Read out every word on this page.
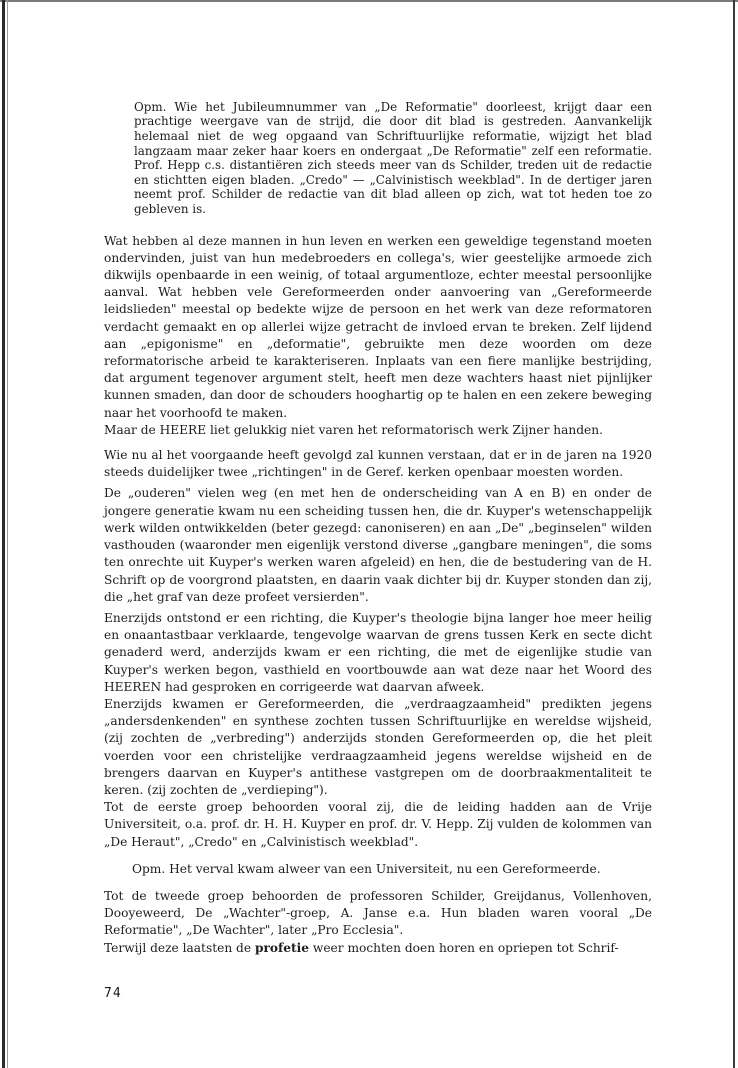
Opm. Wie het Jubileumnummer van „De Reformatie" doorleest, krijgt daar een prachtige weergave van de strijd, die door dit blad is gestreden. Aanvankelijk helemaal niet de weg opgaand van Schriftuurlijke reformatie, wijzigt het blad langzaam maar zeker haar koers en ondergaat „De Reformatie" zelf een reformatie. Prof. Hepp c.s. distantiëren zich steeds meer van ds Schilder, treden uit de redactie en stichtten eigen bladen. „Credo" — „Calvinistisch weekblad". In de dertiger jaren neemt prof. Schilder de redactie van dit blad alleen op zich, wat tot heden toe zo gebleven is.

Wat hebben al deze mannen in hun leven en werken een geweldige tegenstand moeten ondervinden, juist van hun medebroeders en collega's, wier geestelijke armoede zich dikwijls openbaarde in een weinig, of totaal argumentloze, echter meestal persoonlijke aanval. Wat hebben vele Gereformeerden onder aanvoering van „Gereformeerde leidslieden" meestal op bedekte wijze de persoon en het werk van deze reformatoren verdacht gemaakt en op allerlei wijze getracht de invloed ervan te breken. Zelf lijdend aan „epigonisme" en „deformatie", gebruikte men deze woorden om deze reformatorische arbeid te karakteriseren. Inplaats van een fiere manlijke bestrijding, dat argument tegenover argument stelt, heeft men deze wachters haast niet pijnlijker kunnen smaden, dan door de schouders hooghartig op te halen en een zekere beweging naar het voorhoofd te maken.

Maar de HEERE liet gelukkig niet varen het reformatorisch werk Zijner handen.

Wie nu al het voorgaande heeft gevolgd zal kunnen verstaan, dat er in de jaren na 1920 steeds duidelijker twee „richtingen" in de Geref. kerken openbaar moesten worden.

De „ouderen" vielen weg (en met hen de onderscheiding van A en B) en onder de jongere generatie kwam nu een scheiding tussen hen, die dr. Kuyper's wetenschappelijk werk wilden ontwikkelden (beter gezegd: canoniseren) en aan „De" „beginselen" wilden vasthouden (waaronder men eigenlijk verstond diverse „gangbare meningen", die soms ten onrechte uit Kuyper's werken waren afgeleid) en hen, die de bestudering van de H. Schrift op de voorgrond plaatsten, en daarin vaak dichter bij dr. Kuyper stonden dan zij, die „het graf van deze profeet versierden".

Enerzijds ontstond er een richting, die Kuyper's theologie bijna langer hoe meer heilig en onaantastbaar verklaarde, tengevolge waarvan de grens tussen Kerk en secte dicht genaderd werd, anderzijds kwam er een richting, die met de eigenlijke studie van Kuyper's werken begon, vasthield en voortbouwde aan wat deze naar het Woord des HEEREN had gesproken en corrigeerde wat daarvan afweek.

Enerzijds kwamen er Gereformeerden, die „verdraagzaamheid" predikten jegens „andersdenkenden" en synthese zochten tussen Schriftuurlijke en wereldse wijsheid, (zij zochten de „verbreding") anderzijds stonden Gereformeerden op, die het pleit voerden voor een christelijke verdraagzaamheid jegens wereldse wijsheid en de brengers daarvan en Kuyper's antithese vastgrepen om de doorbraakmentaliteit te keren. (zij zochten de „verdieping").

Tot de eerste groep behoorden vooral zij, die de leiding hadden aan de Vrije Universiteit, o.a. prof. dr. H. H. Kuyper en prof. dr. V. Hepp. Zij vulden de kolommen van „De Heraut", „Credo" en „Calvinistisch weekblad".

Opm. Het verval kwam alweer van een Universiteit, nu een Gereformeerde.

Tot de tweede groep behoorden de professoren Schilder, Greijdanus, Vollenhoven, Dooyeweerd, De „Wachter"-groep, A. Janse e.a. Hun bladen waren vooral „De Reformatie", „De Wachter", later „Pro Ecclesia".

Terwijl deze laatsten de profetie weer mochten doen horen en opriepen tot Schrif-

74
